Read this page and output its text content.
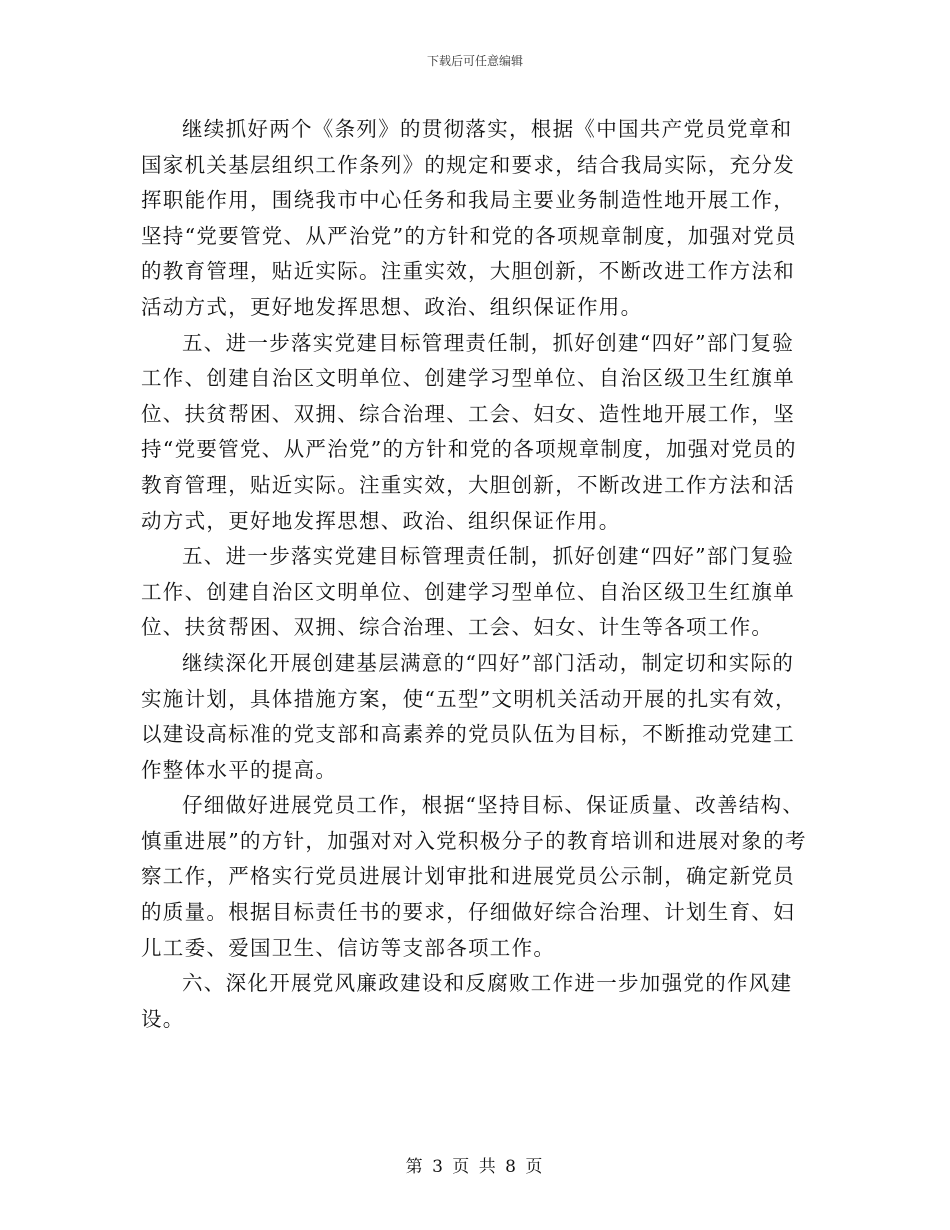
下载后可任意编辑

继续抓好两个《条列》的贯彻落实，根据《中国共产党员党章和国家机关基层组织工作条列》的规定和要求，结合我局实际，充分发挥职能作用，围绕我市中心任务和我局主要业务制造性地开展工作，坚持“党要管党、从严治党”的方针和党的各项规章制度，加强对党员的教育管理，贴近实际。注重实效，大胆创新，不断改进工作方法和活动方式，更好地发挥思想、政治、组织保证作用。

五、进一步落实党建目标管理责任制，抓好创建“四好”部门复验工作、创建自治区文明单位、创建学习型单位、自治区级卫生红旗单位、扶贫帮困、双拥、综合治理、工会、妇女、造性地开展工作，坚持“党要管党、从严治党”的方针和党的各项规章制度，加强对党员的教育管理，贴近实际。注重实效，大胆创新，不断改进工作方法和活动方式，更好地发挥思想、政治、组织保证作用。

五、进一步落实党建目标管理责任制，抓好创建“四好”部门复验工作、创建自治区文明单位、创建学习型单位、自治区级卫生红旗单位、扶贫帮困、双拥、综合治理、工会、妇女、计生等各项工作。

继续深化开展创建基层满意的“四好”部门活动，制定切和实际的实施计划，具体措施方案，使“五型”文明机关活动开展的扎实有效，以建设高标准的党支部和高素养的党员队伍为目标，不断推动党建工作整体水平的提高。

仔细做好进展党员工作，根据“坚持目标、保证质量、改善结构、慎重进展”的方针，加强对对入党积极分子的教育培训和进展对象的考察工作，严格实行党员进展计划审批和进展党员公示制，确定新党员的质量。根据目标责任书的要求，仔细做好综合治理、计划生育、妇儿工委、爱国卫生、信访等支部各项工作。

六、深化开展党风廉政建设和反腐败工作进一步加强党的作风建设。

第 3 页 共 8 页
